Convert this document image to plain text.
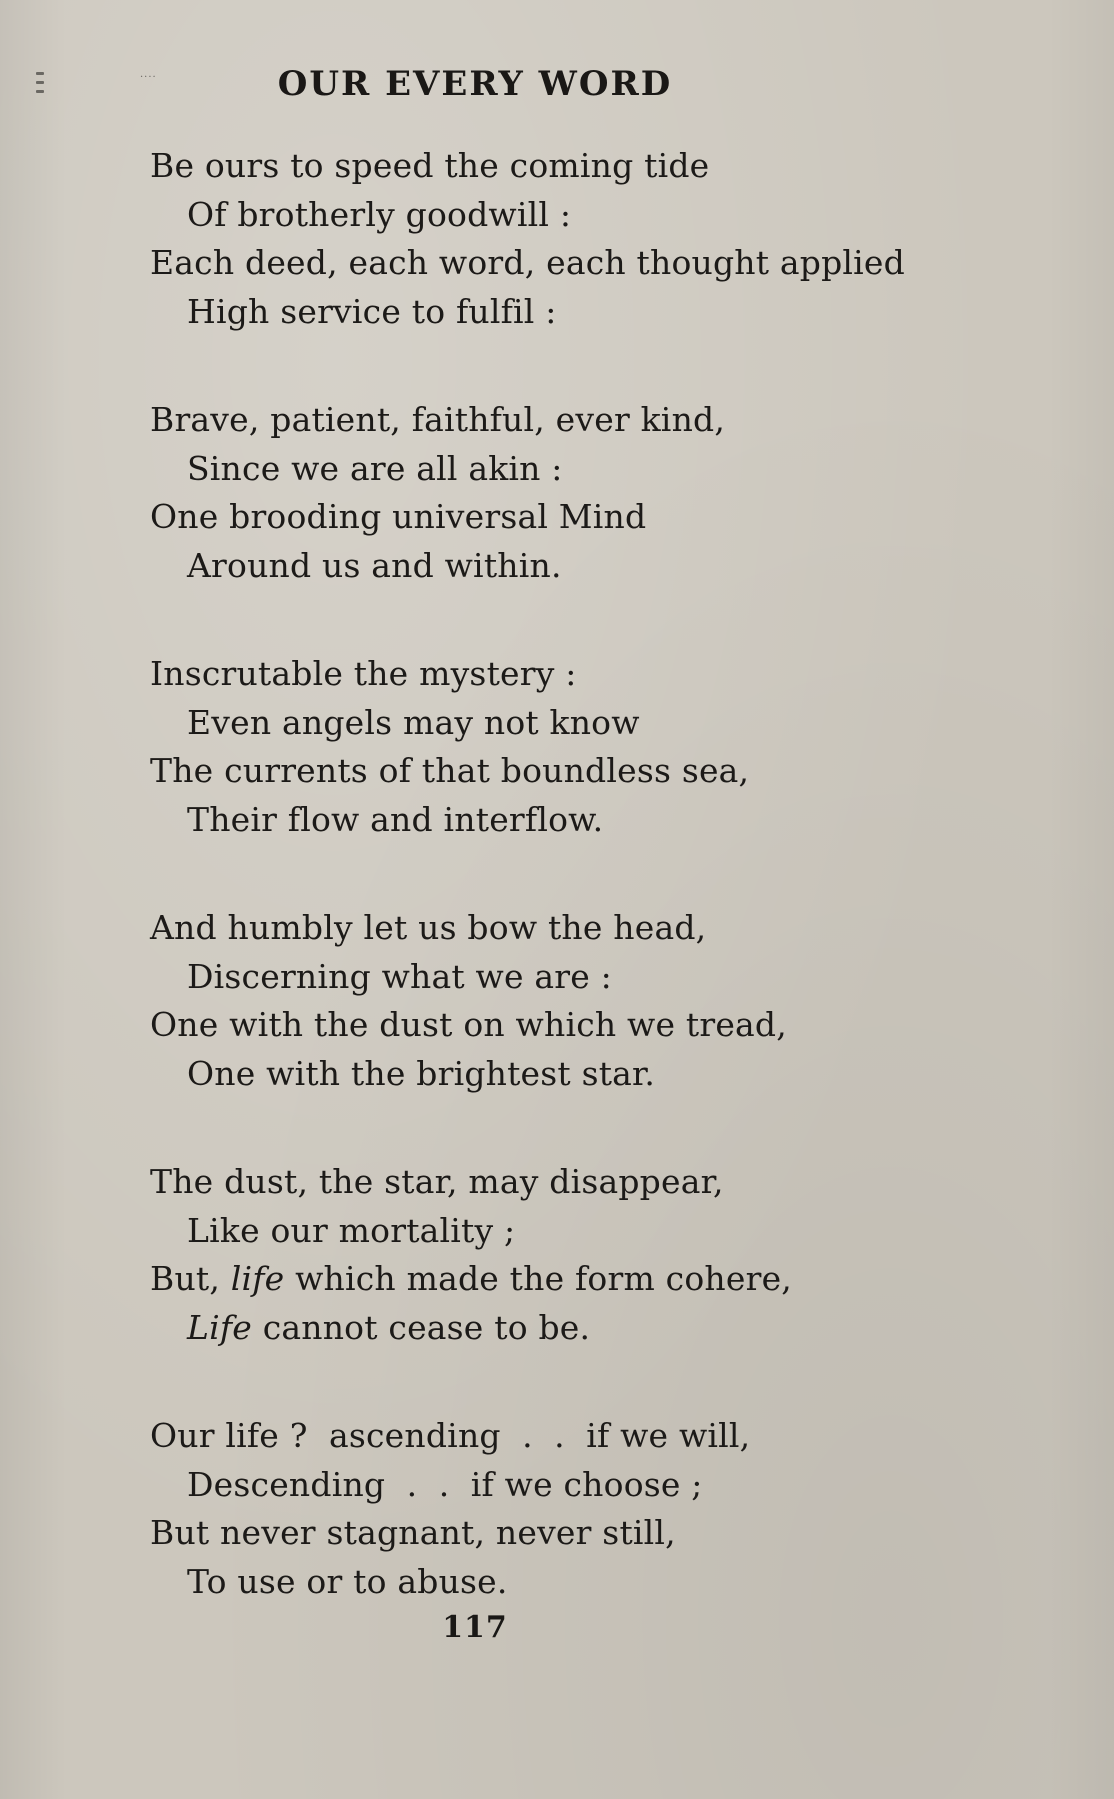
····	OUR EVERY WORD
Be ours to speed the coming tide
Of brotherly goodwill :
Each deed, each word, each thought applied
High service to fulfil :
Brave, patient, faithful, ever kind,
Since we are all akin :
One brooding universal Mind
Around us and within.
Inscrutable the mystery :
Even angels may not know
The currents of that boundless sea,
Their flow and interflow.
And humbly let us bow the head,
Discerning what we are :
One with the dust on which we tread,
One with the brightest star.
The dust, the star, may disappear,
Like our mortality ;
But, life which made the form cohere,
Life cannot cease to be.
Our life ?  ascending  .  .  if we will,
Descending  .  .  if we choose ;
But never stagnant, never still,
To use or to abuse.
117
